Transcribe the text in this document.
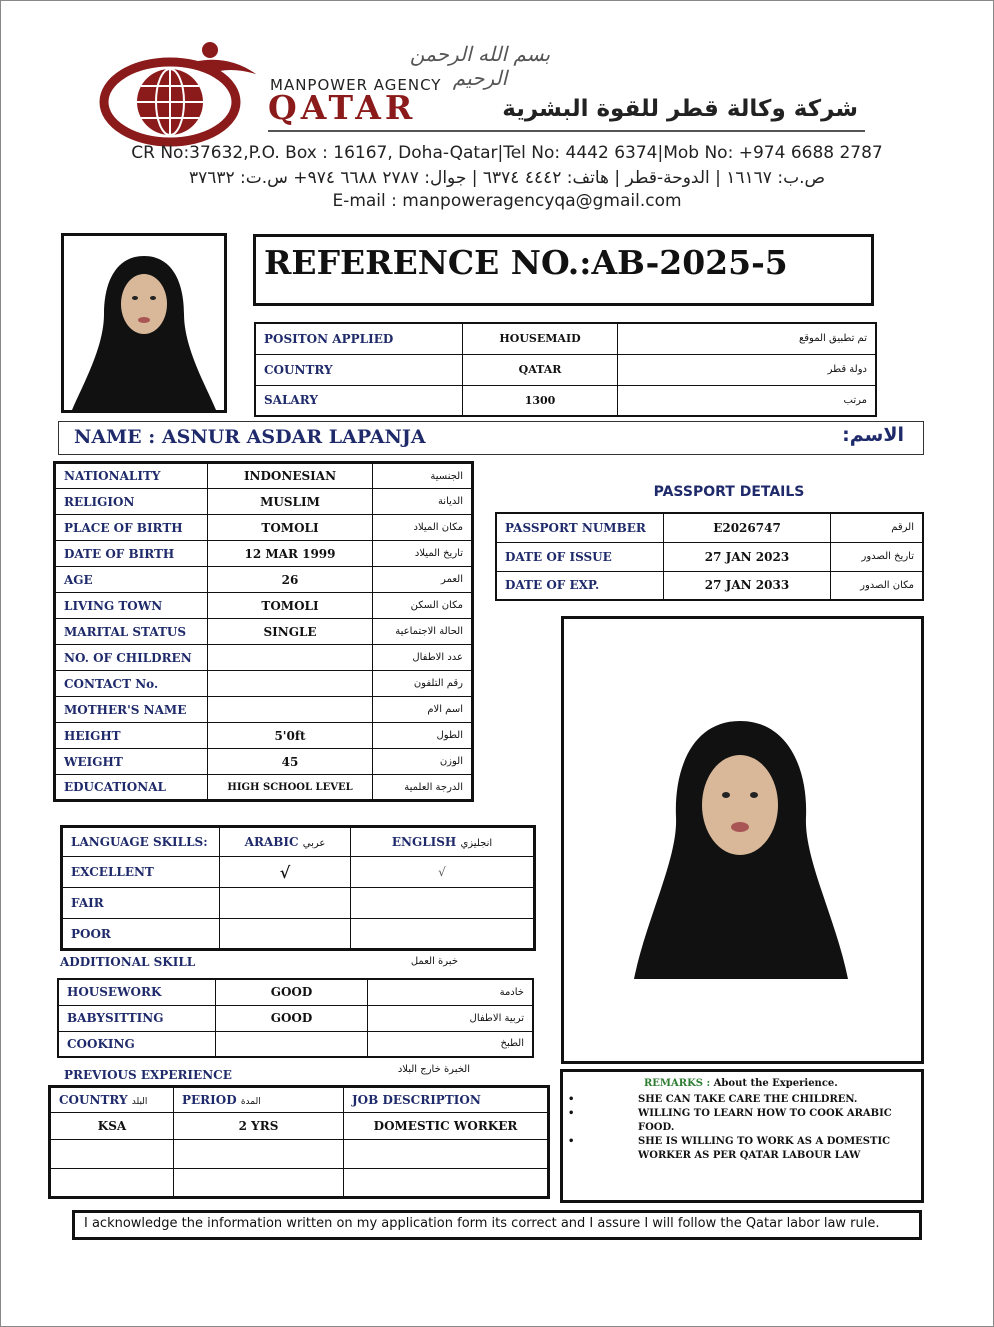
بسم الله الرحمن الرحيم
MANPOWER AGENCY
QATAR	شركة وكالة قطر للقوة البشرية
CR No:37632,P.O. Box : 16167, Doha-Qatar|Tel No: 4442 6374|Mob No: +974 6688 2787
ص.ب: ١٦١٦٧ | الدوحة-قطر | هاتف: ٤٤٤٢ ٦٣٧٤ | جوال: ٢٧٨٧ ٦٦٨٨ ٩٧٤+ س.ت: ٣٧٦٣٢
E-mail : manpoweragencyqa@gmail.com
REFERENCE NO.:AB-2025-5
POSITON APPLIED	HOUSEMAID	تم تطبيق الموقع
COUNTRY	QATAR	دولة قطر
SALARY	1300	مرتب
NAME : ASNUR ASDAR LAPANJA	الاسم:
NATIONALITY	INDONESIAN	الجنسية
RELIGION	MUSLIM	الديانة
PLACE OF BIRTH	TOMOLI	مكان الميلاد
DATE OF BIRTH	12 MAR 1999	تاريخ الميلاد
AGE	26	العمر
LIVING TOWN	TOMOLI	مكان السكن
MARITAL STATUS	SINGLE	الحالة الاجتماعية
NO. OF CHILDREN		عدد الاطفال
CONTACT No.		رقم التلفون
MOTHER'S NAME		اسم الام
HEIGHT	5'0ft	الطول
WEIGHT	45	الوزن
EDUCATIONAL	HIGH SCHOOL LEVEL	الدرجة العلمية
PASSPORT DETAILS
PASSPORT NUMBER	E2026747	الرقم
DATE OF ISSUE	27 JAN 2023	تاريخ الصدور
DATE OF EXP.	27 JAN 2033	مكان الصدور
LANGUAGE SKILLS:	ARABIC عربي	ENGLISH انجليزي
EXCELLENT	√	√
FAIR		
POOR		
ADDITIONAL SKILL	خبرة العمل
HOUSEWORK	GOOD	خادمة
BABYSITTING	GOOD	تربية الاطفال
COOKING		الطبخ
PREVIOUS EXPERIENCE	الخبرة خارج البلاد
COUNTRY البلد	PERIOD المدة	JOB DESCRIPTION
KSA	2 YRS	DOMESTIC WORKER

REMARKS : About the Experience.
•	SHE CAN TAKE CARE THE CHILDREN.
•	WILLING TO LEARN HOW TO COOK ARABIC FOOD.
•	SHE IS WILLING TO WORK AS A DOMESTIC WORKER AS PER QATAR LABOUR LAW
I acknowledge the information written on my application form its correct and I assure I will follow the Qatar labor law rule.
